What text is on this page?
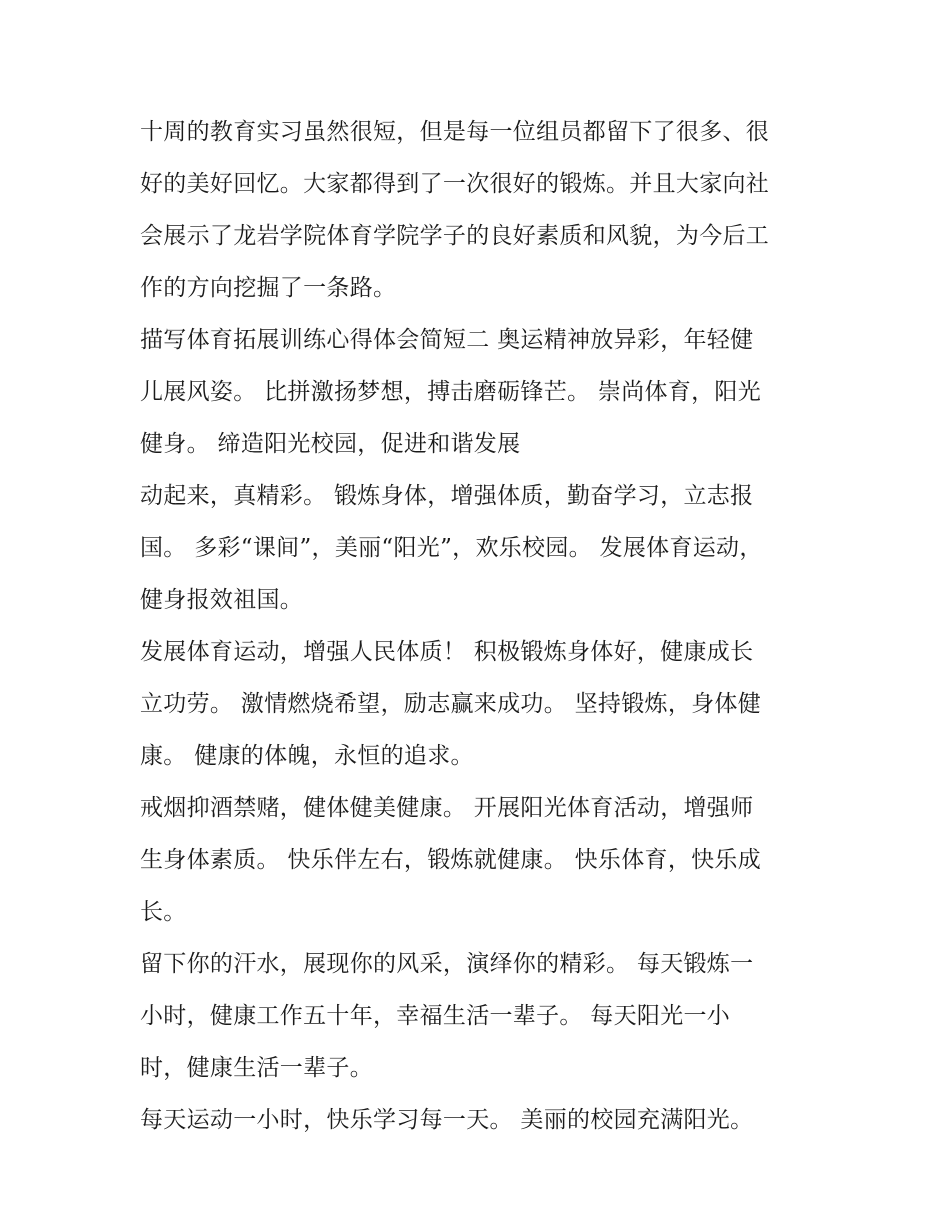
十周的教育实习虽然很短，但是每一位组员都留下了很多、很
好的美好回忆。大家都得到了一次很好的锻炼。并且大家向社
会展示了龙岩学院体育学院学子的良好素质和风貌，为今后工
作的方向挖掘了一条路。
描写体育拓展训练心得体会简短二 奥运精神放异彩，年轻健
儿展风姿。 比拼激扬梦想，搏击磨砺锋芒。 崇尚体育，阳光
健身。 缔造阳光校园，促进和谐发展
动起来，真精彩。 锻炼身体，增强体质，勤奋学习，立志报
国。 多彩“课间”，美丽“阳光”，欢乐校园。 发展体育运动，
健身报效祖国。
发展体育运动，增强人民体质！ 积极锻炼身体好，健康成长
立功劳。 激情燃烧希望，励志赢来成功。 坚持锻炼，身体健
康。 健康的体魄，永恒的追求。
戒烟抑酒禁赌，健体健美健康。 开展阳光体育活动，增强师
生身体素质。 快乐伴左右，锻炼就健康。 快乐体育，快乐成
长。
留下你的汗水，展现你的风采，演绎你的精彩。 每天锻炼一
小时，健康工作五十年，幸福生活一辈子。 每天阳光一小
时，健康生活一辈子。
每天运动一小时，快乐学习每一天。 美丽的校园充满阳光。
